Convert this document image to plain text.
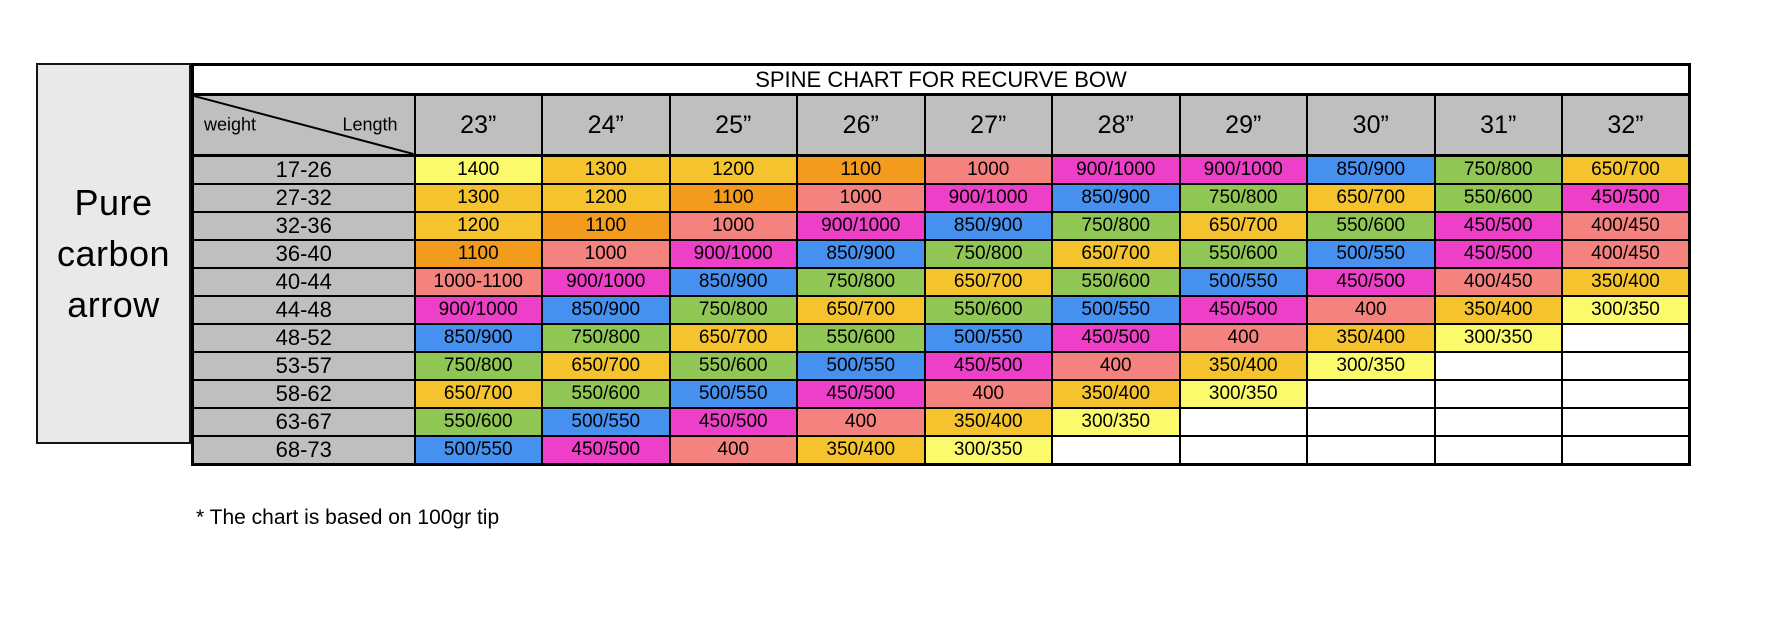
Pure
carbon
arrow
SPINE CHART FOR RECURVE BOW										

weight Length	23”	24”	25”	26”	27”	28”	29”	30”	31”	32”
17-26	1400	1300	1200	1100	1000	900/1000	900/1000	850/900	750/800	650/700
27-32	1300	1200	1100	1000	900/1000	850/900	750/800	650/700	550/600	450/500
32-36	1200	1100	1000	900/1000	850/900	750/800	650/700	550/600	450/500	400/450
36-40	1100	1000	900/1000	850/900	750/800	650/700	550/600	500/550	450/500	400/450
40-44	1000-1100	900/1000	850/900	750/800	650/700	550/600	500/550	450/500	400/450	350/400
44-48	900/1000	850/900	750/800	650/700	550/600	500/550	450/500	400	350/400	300/350
48-52	850/900	750/800	650/700	550/600	500/550	450/500	400	350/400	300/350	
53-57	750/800	650/700	550/600	500/550	450/500	400	350/400	300/350		
58-62	650/700	550/600	500/550	450/500	400	350/400	300/350			
63-67	550/600	500/550	450/500	400	350/400	300/350				
68-73	500/550	450/500	400	350/400	300/350					
* The chart is based on 100gr tip
